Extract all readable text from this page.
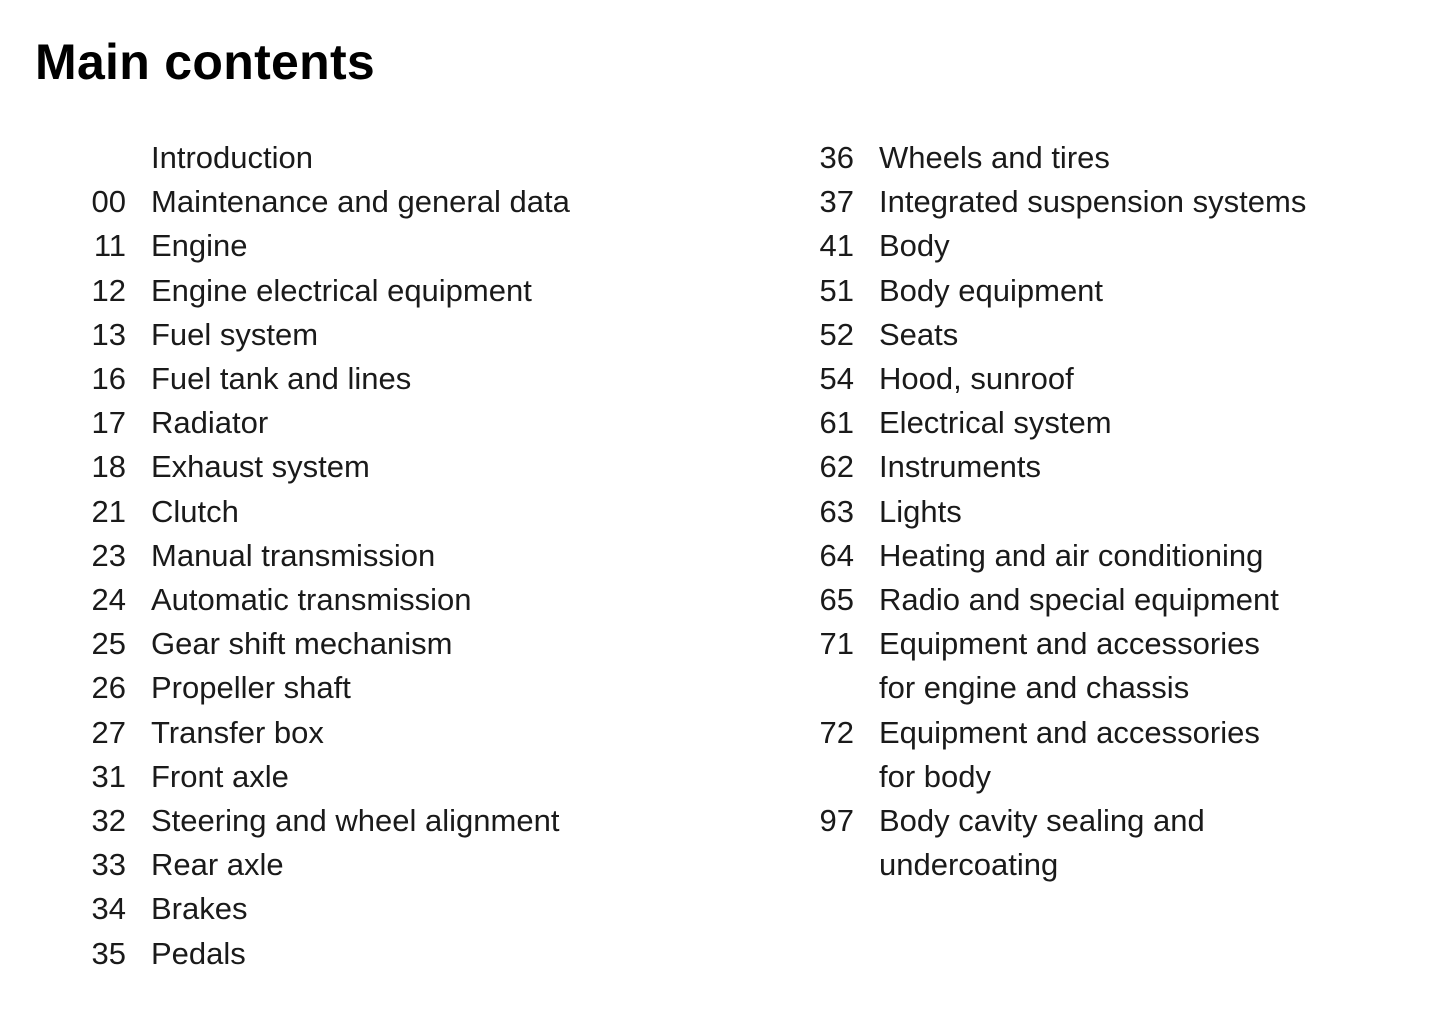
Main contents
Introduction
00 Maintenance and general data
11 Engine
12 Engine electrical equipment
13 Fuel system
16 Fuel tank and lines
17 Radiator
18 Exhaust system
21 Clutch
23 Manual transmission
24 Automatic transmission
25 Gear shift mechanism
26 Propeller shaft
27 Transfer box
31 Front axle
32 Steering and wheel alignment
33 Rear axle
34 Brakes
35 Pedals
36 Wheels and tires
37 Integrated suspension systems
41 Body
51 Body equipment
52 Seats
54 Hood, sunroof
61 Electrical system
62 Instruments
63 Lights
64 Heating and air conditioning
65 Radio and special equipment
71 Equipment and accessories
for engine and chassis
72 Equipment and accessories
for body
97 Body cavity sealing and
undercoating
